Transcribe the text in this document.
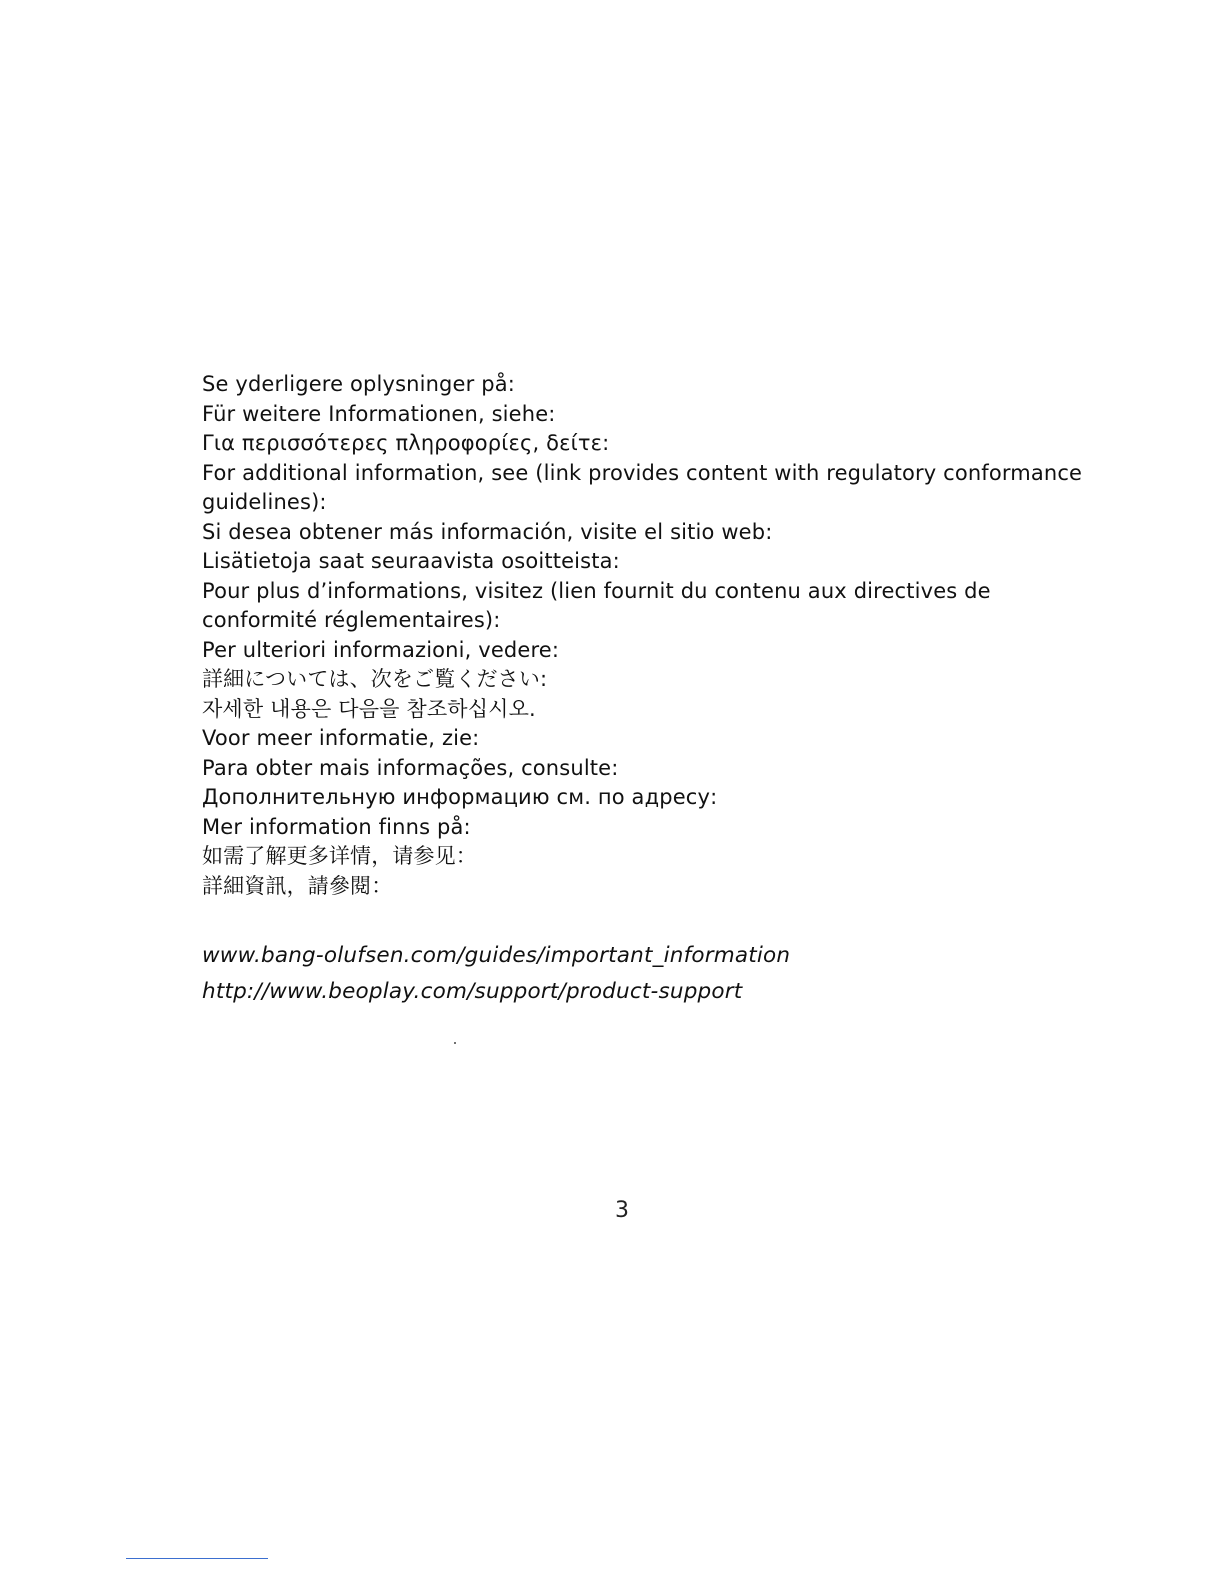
Se yderligere oplysninger på:
Für weitere Informationen, siehe:
Για περισσότερες πληροφορίες, δείτε:
For additional information, see (link provides content with regulatory conformance guidelines):
Si desea obtener más información, visite el sitio web:
Lisätietoja saat seuraavista osoitteista:
Pour plus d’informations, visitez (lien fournit du contenu aux directives de conformité réglementaires):
Per ulteriori informazioni, vedere:
詳細については、次をご覧ください:
자세한 내용은 다음을 참조하십시오.
Voor meer informatie, zie:
Para obter mais informações, consulte:
Дополнительную информацию см. по адресу:
Mer information finns på:
如需了解更多详情，请参见：
詳細資訊，請參閱：
www.bang-olufsen.com/guides/important_information
http://www.beoplay.com/support/product-support
3
